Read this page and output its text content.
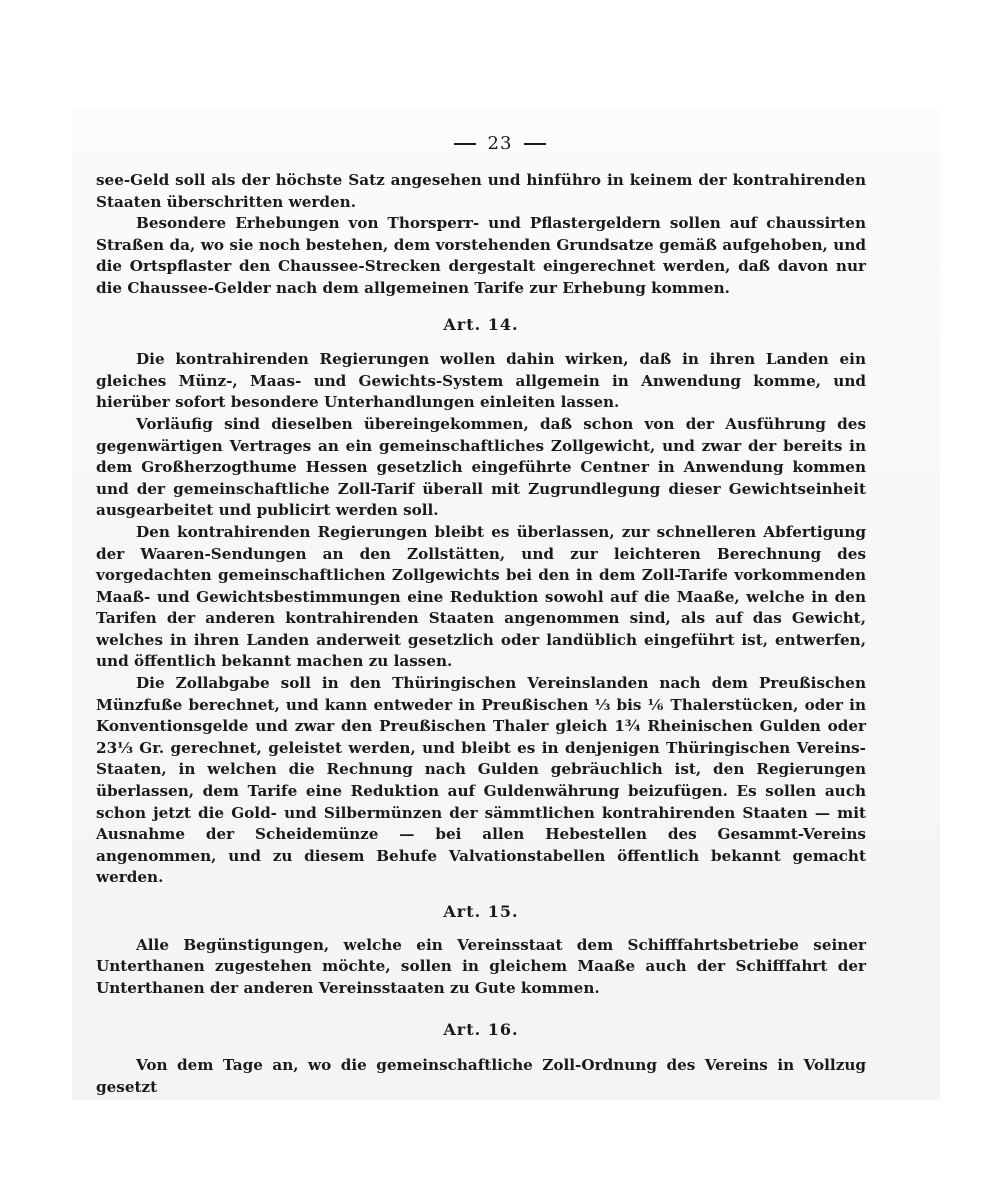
23

see-Geld soll als der höchste Satz angesehen und hinführo in keinem der kontrahirenden Staaten überschritten werden.

Besondere Erhebungen von Thorsperr- und Pflastergeldern sollen auf chaussirten Straßen da, wo sie noch bestehen, dem vorstehenden Grundsatze gemäß aufgehoben, und die Ortspflaster den Chaussee-Strecken dergestalt eingerechnet werden, daß davon nur die Chaussee-Gelder nach dem allgemeinen Tarife zur Erhebung kommen.

Art. 14.

Die kontrahirenden Regierungen wollen dahin wirken, daß in ihren Landen ein gleiches Münz-, Maas- und Gewichts-System allgemein in Anwendung komme, und hierüber sofort besondere Unterhandlungen einleiten lassen.

Vorläufig sind dieselben übereingekommen, daß schon von der Ausführung des gegenwärtigen Vertrages an ein gemeinschaftliches Zollgewicht, und zwar der bereits in dem Großherzogthume Hessen gesetzlich eingeführte Centner in Anwendung kommen und der gemeinschaftliche Zoll-Tarif überall mit Zugrundlegung dieser Gewichtseinheit ausgearbeitet und publicirt werden soll.

Den kontrahirenden Regierungen bleibt es überlassen, zur schnelleren Abfertigung der Waaren-Sendungen an den Zollstätten, und zur leichteren Berechnung des vorgedachten gemeinschaftlichen Zollgewichts bei den in dem Zoll-Tarife vorkommenden Maaß- und Gewichtsbestimmungen eine Reduktion sowohl auf die Maaße, welche in den Tarifen der anderen kontrahirenden Staaten angenommen sind, als auf das Gewicht, welches in ihren Landen anderweit gesetzlich oder landüblich eingeführt ist, entwerfen, und öffentlich bekannt machen zu lassen.

Die Zollabgabe soll in den Thüringischen Vereinslanden nach dem Preußischen Münzfuße berechnet, und kann entweder in Preußischen ⅓ bis ⅙ Thalerstücken, oder in Konventionsgelde und zwar den Preußischen Thaler gleich 1¾ Rheinischen Gulden oder 23⅓ Gr. gerechnet, geleistet werden, und bleibt es in denjenigen Thüringischen Vereins-Staaten, in welchen die Rechnung nach Gulden gebräuchlich ist, den Regierungen überlassen, dem Tarife eine Reduktion auf Guldenwährung beizufügen. Es sollen auch schon jetzt die Gold- und Silbermünzen der sämmtlichen kontrahirenden Staaten — mit Ausnahme der Scheidemünze — bei allen Hebestellen des Gesammt-Vereins angenommen, und zu diesem Behufe Valvationstabellen öffentlich bekannt gemacht werden.

Art. 15.

Alle Begünstigungen, welche ein Vereinsstaat dem Schifffahrtsbetriebe seiner Unterthanen zugestehen möchte, sollen in gleichem Maaße auch der Schifffahrt der Unterthanen der anderen Vereinsstaaten zu Gute kommen.

Art. 16.

Von dem Tage an, wo die gemeinschaftliche Zoll-Ordnung des Vereins in Vollzug gesetzt
